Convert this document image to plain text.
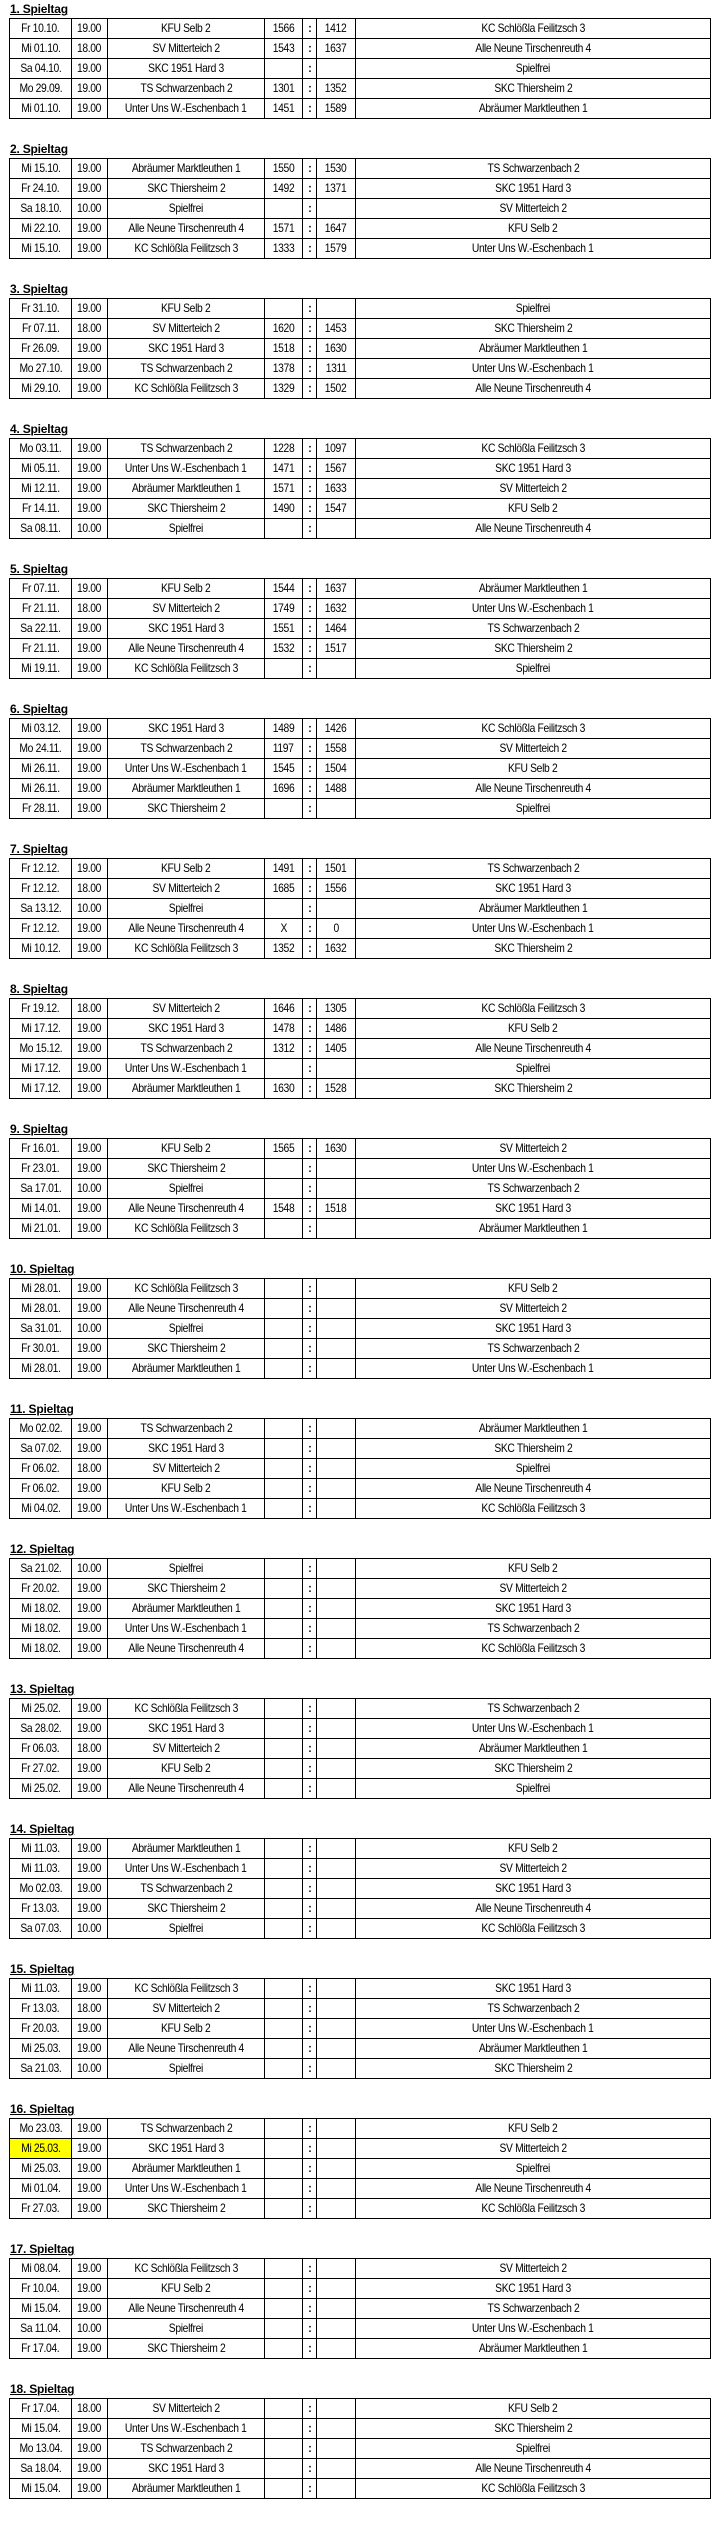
1. Spieltag
Fr 10.10.	19.00	KFU Selb 2	1566	:	1412	KC Schlößla Feilitzsch 3
Mi 01.10.	18.00	SV Mitterteich 2	1543	:	1637	Alle Neune Tirschenreuth 4
Sa 04.10.	19.00	SKC 1951 Hard 3		:		Spielfrei
Mo 29.09.	19.00	TS Schwarzenbach 2	1301	:	1352	SKC Thiersheim 2
Mi 01.10.	19.00	Unter Uns W.-Eschenbach 1	1451	:	1589	Abräumer Marktleuthen 1
2. Spieltag
Mi 15.10.	19.00	Abräumer Marktleuthen 1	1550	:	1530	TS Schwarzenbach 2
Fr 24.10.	19.00	SKC Thiersheim 2	1492	:	1371	SKC 1951 Hard 3
Sa 18.10.	10.00	Spielfrei		:		SV Mitterteich 2
Mi 22.10.	19.00	Alle Neune Tirschenreuth 4	1571	:	1647	KFU Selb 2
Mi 15.10.	19.00	KC Schlößla Feilitzsch 3	1333	:	1579	Unter Uns W.-Eschenbach 1
3. Spieltag
Fr 31.10.	19.00	KFU Selb 2		:		Spielfrei
Fr 07.11.	18.00	SV Mitterteich 2	1620	:	1453	SKC Thiersheim 2
Fr 26.09.	19.00	SKC 1951 Hard 3	1518	:	1630	Abräumer Marktleuthen 1
Mo 27.10.	19.00	TS Schwarzenbach 2	1378	:	1311	Unter Uns W.-Eschenbach 1
Mi 29.10.	19.00	KC Schlößla Feilitzsch 3	1329	:	1502	Alle Neune Tirschenreuth 4
4. Spieltag
Mo 03.11.	19.00	TS Schwarzenbach 2	1228	:	1097	KC Schlößla Feilitzsch 3
Mi 05.11.	19.00	Unter Uns W.-Eschenbach 1	1471	:	1567	SKC 1951 Hard 3
Mi 12.11.	19.00	Abräumer Marktleuthen 1	1571	:	1633	SV Mitterteich 2
Fr 14.11.	19.00	SKC Thiersheim 2	1490	:	1547	KFU Selb 2
Sa 08.11.	10.00	Spielfrei		:		Alle Neune Tirschenreuth 4
5. Spieltag
Fr 07.11.	19.00	KFU Selb 2	1544	:	1637	Abräumer Marktleuthen 1
Fr 21.11.	18.00	SV Mitterteich 2	1749	:	1632	Unter Uns W.-Eschenbach 1
Sa 22.11.	19.00	SKC 1951 Hard 3	1551	:	1464	TS Schwarzenbach 2
Fr 21.11.	19.00	Alle Neune Tirschenreuth 4	1532	:	1517	SKC Thiersheim 2
Mi 19.11.	19.00	KC Schlößla Feilitzsch 3		:		Spielfrei
6. Spieltag
Mi 03.12.	19.00	SKC 1951 Hard 3	1489	:	1426	KC Schlößla Feilitzsch 3
Mo 24.11.	19.00	TS Schwarzenbach 2	1197	:	1558	SV Mitterteich 2
Mi 26.11.	19.00	Unter Uns W.-Eschenbach 1	1545	:	1504	KFU Selb 2
Mi 26.11.	19.00	Abräumer Marktleuthen 1	1696	:	1488	Alle Neune Tirschenreuth 4
Fr 28.11.	19.00	SKC Thiersheim 2		:		Spielfrei
7. Spieltag
Fr 12.12.	19.00	KFU Selb 2	1491	:	1501	TS Schwarzenbach 2
Fr 12.12.	18.00	SV Mitterteich 2	1685	:	1556	SKC 1951 Hard 3
Sa 13.12.	10.00	Spielfrei		:		Abräumer Marktleuthen 1
Fr 12.12.	19.00	Alle Neune Tirschenreuth 4	X	:	0	Unter Uns W.-Eschenbach 1
Mi 10.12.	19.00	KC Schlößla Feilitzsch 3	1352	:	1632	SKC Thiersheim 2
8. Spieltag
Fr 19.12.	18.00	SV Mitterteich 2	1646	:	1305	KC Schlößla Feilitzsch 3
Mi 17.12.	19.00	SKC 1951 Hard 3	1478	:	1486	KFU Selb 2
Mo 15.12.	19.00	TS Schwarzenbach 2	1312	:	1405	Alle Neune Tirschenreuth 4
Mi 17.12.	19.00	Unter Uns W.-Eschenbach 1		:		Spielfrei
Mi 17.12.	19.00	Abräumer Marktleuthen 1	1630	:	1528	SKC Thiersheim 2
9. Spieltag
Fr 16.01.	19.00	KFU Selb 2	1565	:	1630	SV Mitterteich 2
Fr 23.01.	19.00	SKC Thiersheim 2		:		Unter Uns W.-Eschenbach 1
Sa 17.01.	10.00	Spielfrei		:		TS Schwarzenbach 2
Mi 14.01.	19.00	Alle Neune Tirschenreuth 4	1548	:	1518	SKC 1951 Hard 3
Mi 21.01.	19.00	KC Schlößla Feilitzsch 3		:		Abräumer Marktleuthen 1
10. Spieltag
Mi 28.01.	19.00	KC Schlößla Feilitzsch 3		:		KFU Selb 2
Mi 28.01.	19.00	Alle Neune Tirschenreuth 4		:		SV Mitterteich 2
Sa 31.01.	10.00	Spielfrei		:		SKC 1951 Hard 3
Fr 30.01.	19.00	SKC Thiersheim 2		:		TS Schwarzenbach 2
Mi 28.01.	19.00	Abräumer Marktleuthen 1		:		Unter Uns W.-Eschenbach 1
11. Spieltag
Mo 02.02.	19.00	TS Schwarzenbach 2		:		Abräumer Marktleuthen 1
Sa 07.02.	19.00	SKC 1951 Hard 3		:		SKC Thiersheim 2
Fr 06.02.	18.00	SV Mitterteich 2		:		Spielfrei
Fr 06.02.	19.00	KFU Selb 2		:		Alle Neune Tirschenreuth 4
Mi 04.02.	19.00	Unter Uns W.-Eschenbach 1		:		KC Schlößla Feilitzsch 3
12. Spieltag
Sa 21.02.	10.00	Spielfrei		:		KFU Selb 2
Fr 20.02.	19.00	SKC Thiersheim 2		:		SV Mitterteich 2
Mi 18.02.	19.00	Abräumer Marktleuthen 1		:		SKC 1951 Hard 3
Mi 18.02.	19.00	Unter Uns W.-Eschenbach 1		:		TS Schwarzenbach 2
Mi 18.02.	19.00	Alle Neune Tirschenreuth 4		:		KC Schlößla Feilitzsch 3
13. Spieltag
Mi 25.02.	19.00	KC Schlößla Feilitzsch 3		:		TS Schwarzenbach 2
Sa 28.02.	19.00	SKC 1951 Hard 3		:		Unter Uns W.-Eschenbach 1
Fr 06.03.	18.00	SV Mitterteich 2		:		Abräumer Marktleuthen 1
Fr 27.02.	19.00	KFU Selb 2		:		SKC Thiersheim 2
Mi 25.02.	19.00	Alle Neune Tirschenreuth 4		:		Spielfrei
14. Spieltag
Mi 11.03.	19.00	Abräumer Marktleuthen 1		:		KFU Selb 2
Mi 11.03.	19.00	Unter Uns W.-Eschenbach 1		:		SV Mitterteich 2
Mo 02.03.	19.00	TS Schwarzenbach 2		:		SKC 1951 Hard 3
Fr 13.03.	19.00	SKC Thiersheim 2		:		Alle Neune Tirschenreuth 4
Sa 07.03.	10.00	Spielfrei		:		KC Schlößla Feilitzsch 3
15. Spieltag
Mi 11.03.	19.00	KC Schlößla Feilitzsch 3		:		SKC 1951 Hard 3
Fr 13.03.	18.00	SV Mitterteich 2		:		TS Schwarzenbach 2
Fr 20.03.	19.00	KFU Selb 2		:		Unter Uns W.-Eschenbach 1
Mi 25.03.	19.00	Alle Neune Tirschenreuth 4		:		Abräumer Marktleuthen 1
Sa 21.03.	10.00	Spielfrei		:		SKC Thiersheim 2
16. Spieltag
Mo 23.03.	19.00	TS Schwarzenbach 2		:		KFU Selb 2
Mi 25.03.	19.00	SKC 1951 Hard 3		:		SV Mitterteich 2
Mi 25.03.	19.00	Abräumer Marktleuthen 1		:		Spielfrei
Mi 01.04.	19.00	Unter Uns W.-Eschenbach 1		:		Alle Neune Tirschenreuth 4
Fr 27.03.	19.00	SKC Thiersheim 2		:		KC Schlößla Feilitzsch 3
17. Spieltag
Mi 08.04.	19.00	KC Schlößla Feilitzsch 3		:		SV Mitterteich 2
Fr 10.04.	19.00	KFU Selb 2		:		SKC 1951 Hard 3
Mi 15.04.	19.00	Alle Neune Tirschenreuth 4		:		TS Schwarzenbach 2
Sa 11.04.	10.00	Spielfrei		:		Unter Uns W.-Eschenbach 1
Fr 17.04.	19.00	SKC Thiersheim 2		:		Abräumer Marktleuthen 1
18. Spieltag
Fr 17.04.	18.00	SV Mitterteich 2		:		KFU Selb 2
Mi 15.04.	19.00	Unter Uns W.-Eschenbach 1		:		SKC Thiersheim 2
Mo 13.04.	19.00	TS Schwarzenbach 2		:		Spielfrei
Sa 18.04.	19.00	SKC 1951 Hard 3		:		Alle Neune Tirschenreuth 4
Mi 15.04.	19.00	Abräumer Marktleuthen 1		:		KC Schlößla Feilitzsch 3
